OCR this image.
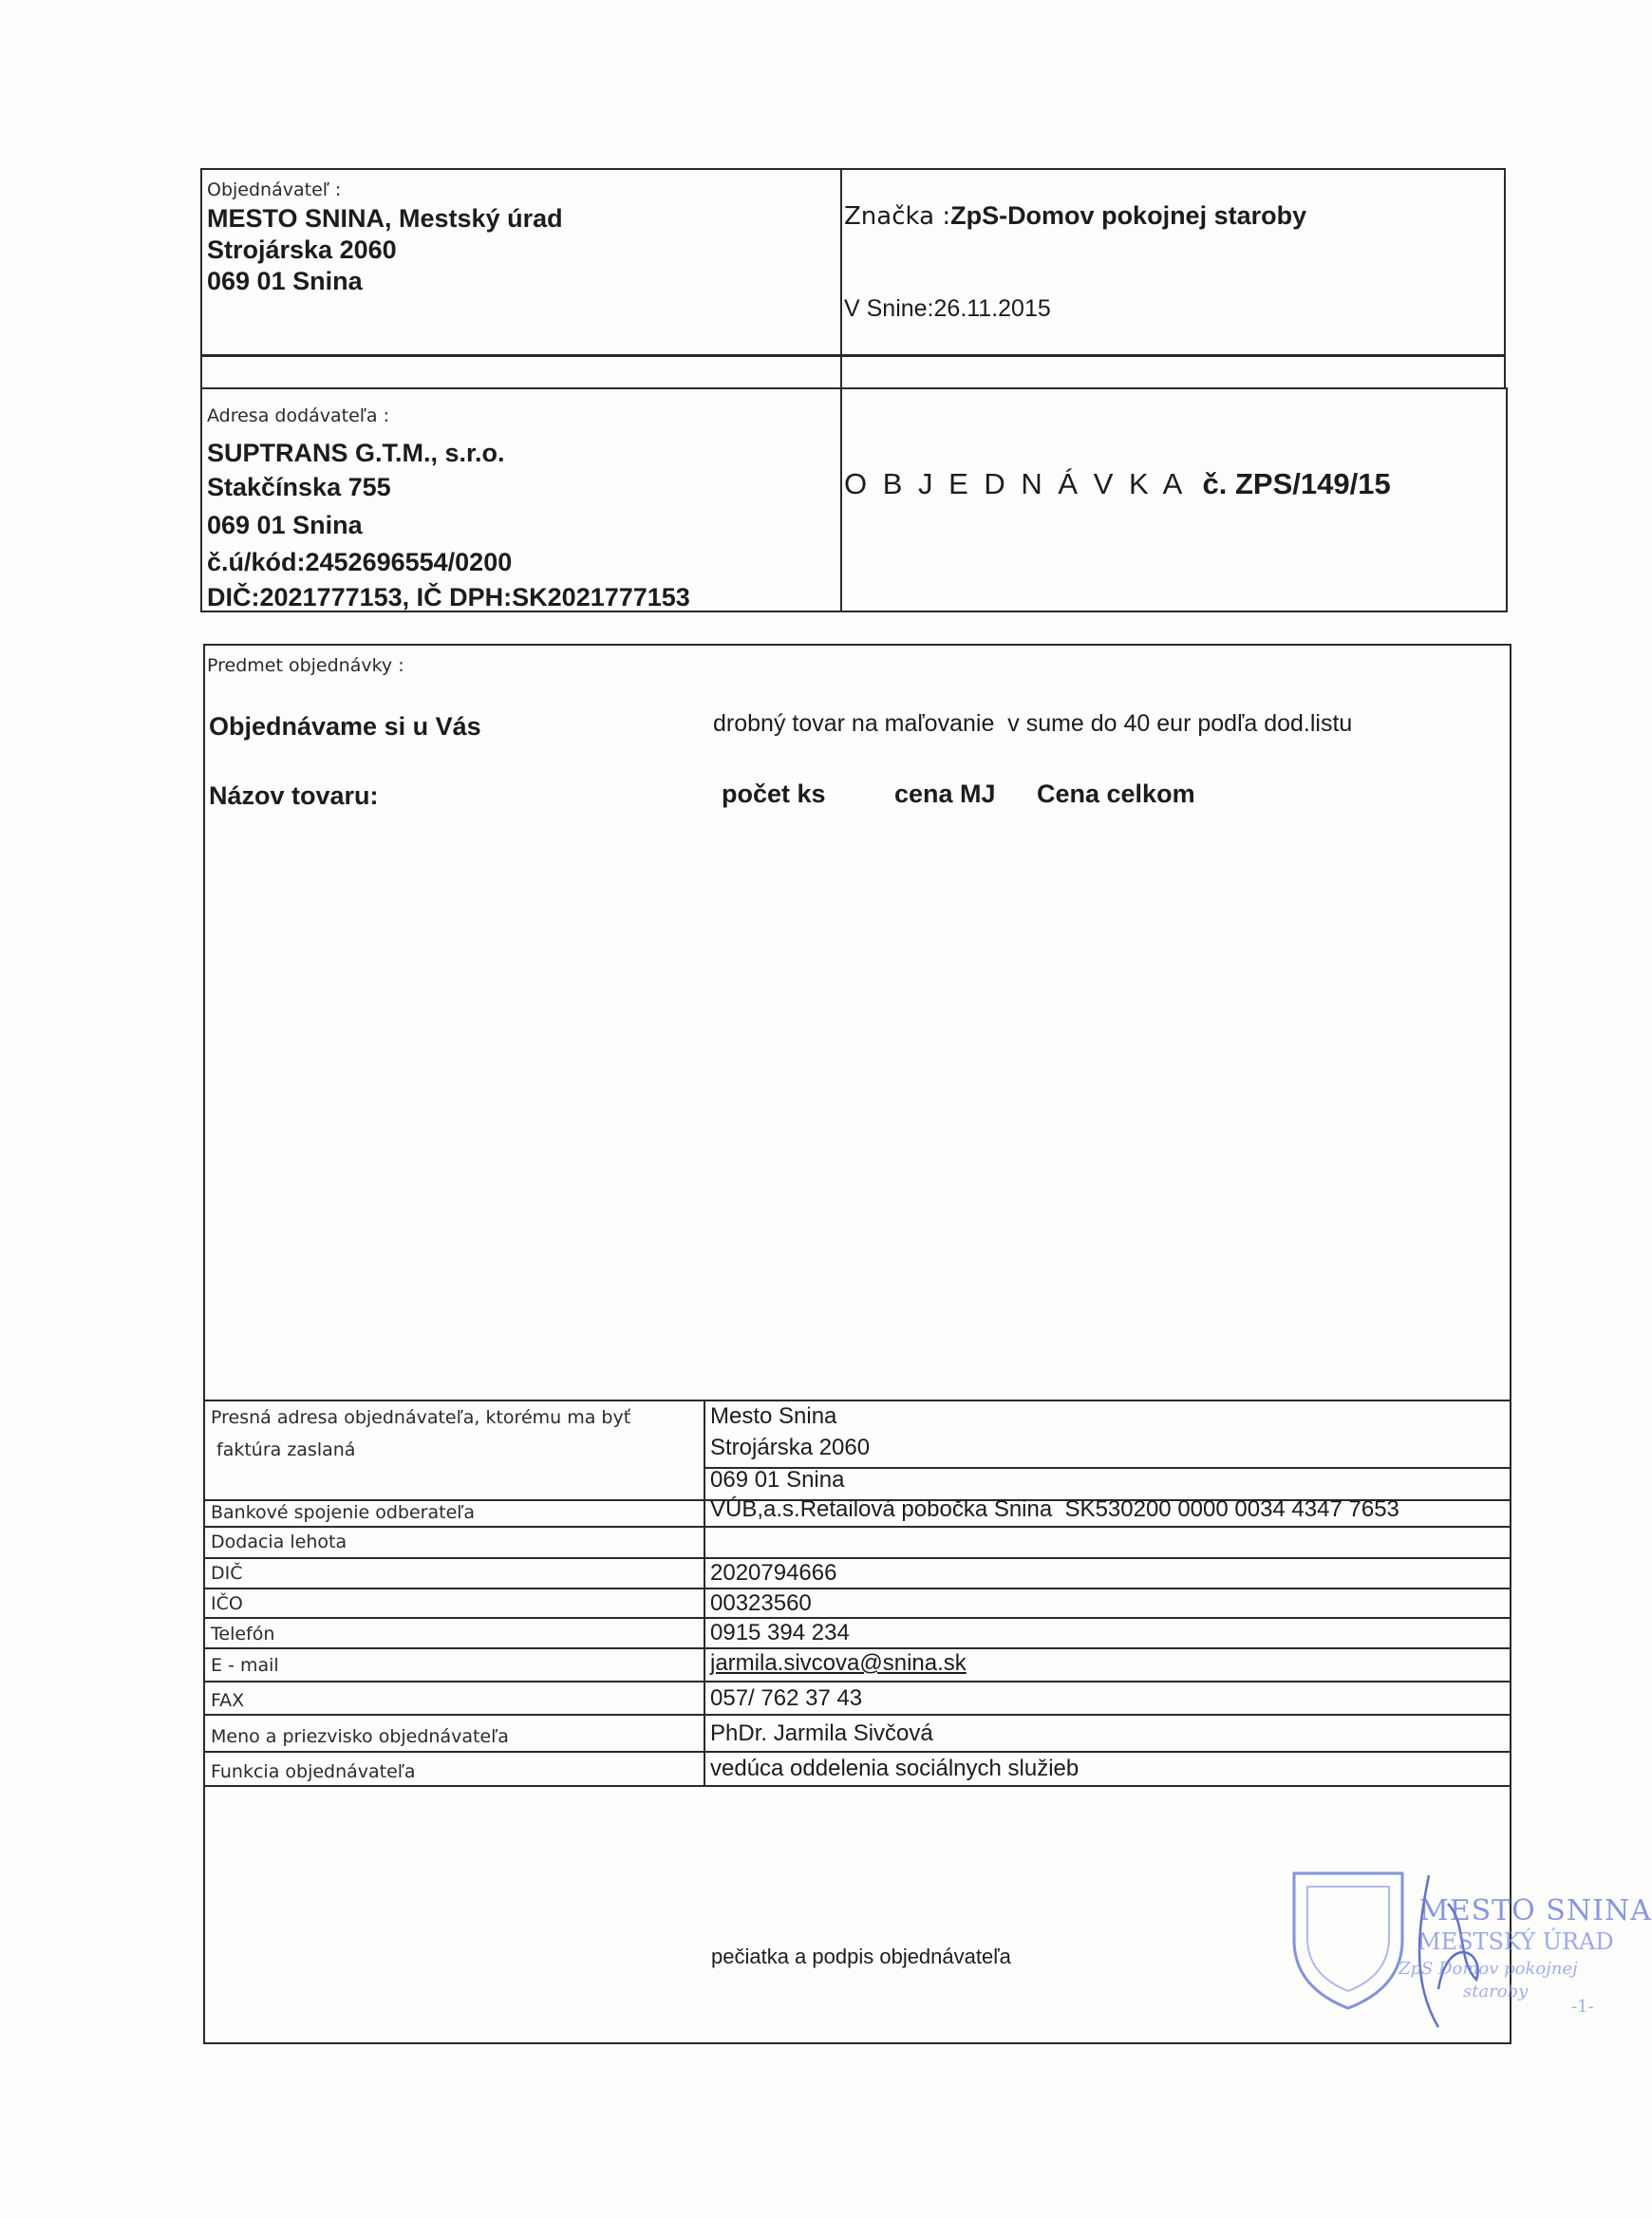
Objednávateľ :
MESTO SNINA, Mestský úrad
Strojárska 2060
069 01 Snina
Značka :ZpS-Domov pokojnej staroby
V Snine:26.11.2015
Adresa dodávateľa :
SUPTRANS G.T.M., s.r.o.
Stakčínska 755
069 01 Snina
č.ú/kód:2452696554/0200
DIČ:2021777153, IČ DPH:SK2021777153
O B J E D N Á V K A č. ZPS/149/15
Predmet objednávky :
Objednávame si u Vás	drobný tovar na maľovanie  v sume do 40 eur podľa dod.listu
Názov tovaru:	počet ks	cena MJ Cena celkom
Presná adresa objednávateľa, ktorému ma byť
faktúra zaslaná
Mesto Snina
Strojárska 2060
069 01 Snina
Bankové spojenie odberateľa	VÚB,a.s.Retailová pobočka Snina  SK530200 0000 0034 4347 7653
Dodacia lehota
DIČ	2020794666
IČO	00323560
Telefón	0915 394 234
E - mail	jarmila.sivcova@snina.sk
FAX	057/ 762 37 43
Meno a priezvisko objednávateľa	PhDr. Jarmila Sivčová
Funkcia objednávateľa	vedúca oddelenia sociálnych služieb
pečiatka a podpis objednávateľa
MESTO SNINA
MESTSKÝ ÚRAD
ZpS Domov pokojnej
staroby
-1-
